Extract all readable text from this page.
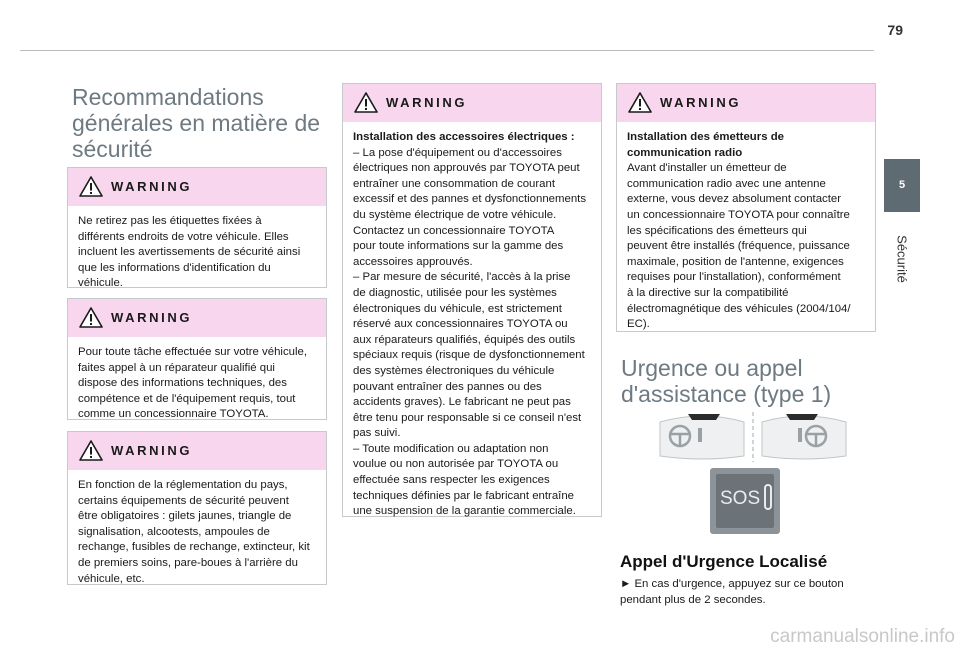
79
5
Sécurité
Recommandations
générales en matière de
sécurité
WARNING
Ne retirez pas les étiquettes fixées à
différents endroits de votre véhicule. Elles
incluent les avertissements de sécurité ainsi
que les informations d'identification du
véhicule.
WARNING
Pour toute tâche effectuée sur votre véhicule,
faites appel à un réparateur qualifié qui
dispose des informations techniques, des
compétence et de l'équipement requis, tout
comme un concessionnaire TOYOTA.
WARNING
En fonction de la réglementation du pays,
certains équipements de sécurité peuvent
être obligatoires : gilets jaunes, triangle de
signalisation, alcootests, ampoules de
rechange, fusibles de rechange, extincteur, kit
de premiers soins, pare-boues à l'arrière du
véhicule, etc.
WARNING
Installation des accessoires électriques :
– La pose d'équipement ou d'accessoires
électriques non approuvés par TOYOTA peut
entraîner une consommation de courant
excessif et des pannes et dysfonctionnements
du système électrique de votre véhicule.
Contactez un concessionnaire TOYOTA
pour toute informations sur la gamme des
accessoires approuvés.
– Par mesure de sécurité, l'accès à la prise
de diagnostic, utilisée pour les systèmes
électroniques du véhicule, est strictement
réservé aux concessionnaires TOYOTA ou
aux réparateurs qualifiés, équipés des outils
spéciaux requis (risque de dysfonctionnement
des systèmes électroniques du véhicule
pouvant entraîner des pannes ou des
accidents graves). Le fabricant ne peut pas
être tenu pour responsable si ce conseil n'est
pas suivi.
– Toute modification ou adaptation non
voulue ou non autorisée par TOYOTA ou
effectuée sans respecter les exigences
techniques définies par le fabricant entraîne
une suspension de la garantie commerciale.
WARNING
Installation des émetteurs de
communication radio
Avant d'installer un émetteur de
communication radio avec une antenne
externe, vous devez absolument contacter
un concessionnaire TOYOTA pour connaître
les spécifications des émetteurs qui
peuvent être installés (fréquence, puissance
maximale, position de l'antenne, exigences
requises pour l'installation), conformément
à la directive sur la compatibilité
électromagnétique des véhicules (2004/104/
EC).
Urgence ou appel
d'assistance (type 1)
SOS
Appel d'Urgence Localisé
► En cas d'urgence, appuyez sur ce bouton
pendant plus de 2 secondes.
carmanualsonline.info
